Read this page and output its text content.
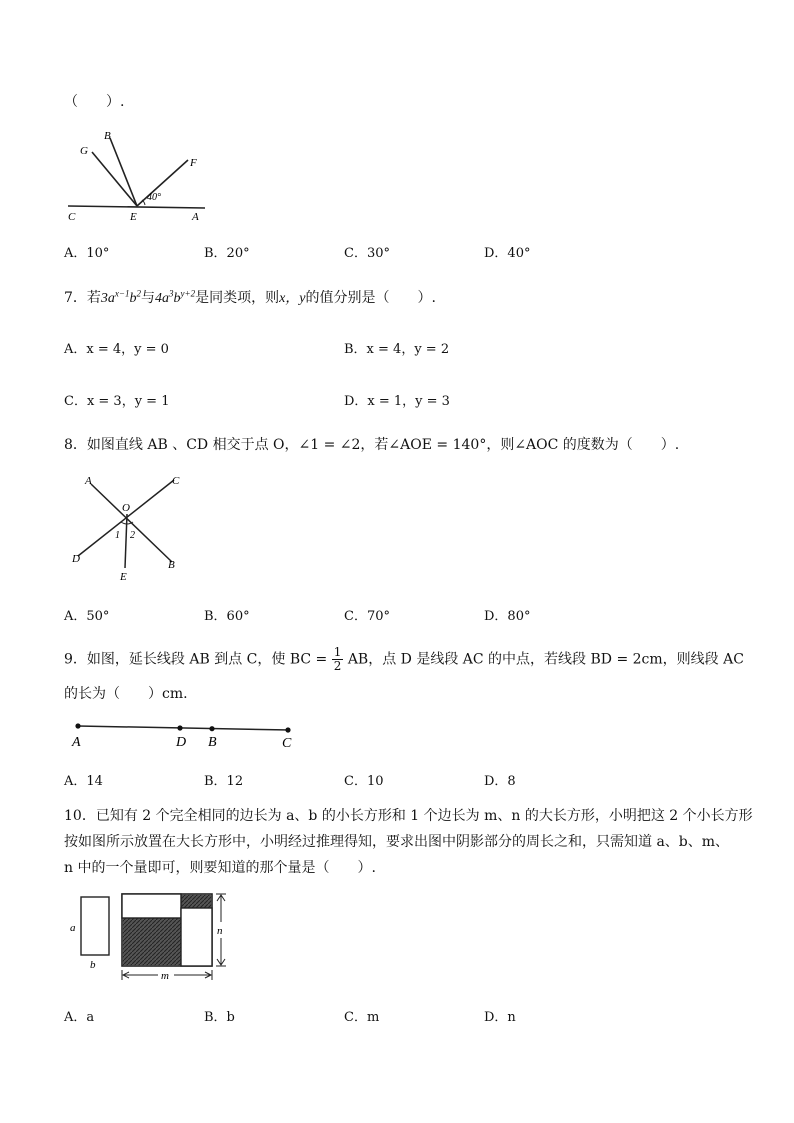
（　　）.
B
G
F
C	E	A
40°
A．10°	B．20°	C．30°	D．40°
7．若$3a^{x-1}b^2$与$4a^3b^{y+2}$是同类项，则x，y的值分别是（　　）.
A．x = 4，y = 0	B．x = 4，y = 2
C．x = 3，y = 1	D．x = 1，y = 3
8．如图直线 AB 、CD 相交于点 O，∠1 = ∠2，若∠AOE = 140°，则∠AOC 的度数为（　　）.
A	C
O
1 2
D
E
B
A．50°	B．60°	C．70°	D．80°
9．如图，延长线段 AB 到点 C，使 BC = $\frac{1}{2}$ AB，点 D 是线段 AC 的中点，若线段 BD = 2cm，则线段 AC
的长为（　　）cm.
A	D B	C
A．14	B．12	C．10	D．8
10．已知有 2 个完全相同的边长为 a、b 的小长方形和 1 个边长为 m、n 的大长方形，小明把这 2 个小长方形
按如图所示放置在大长方形中，小明经过推理得知，要求出图中阴影部分的周长之和，只需知道 a、b、m、
n 中的一个量即可，则要知道的那个量是（　　）.
a
b
n
m
A．a	B．b	C．m	D．n
